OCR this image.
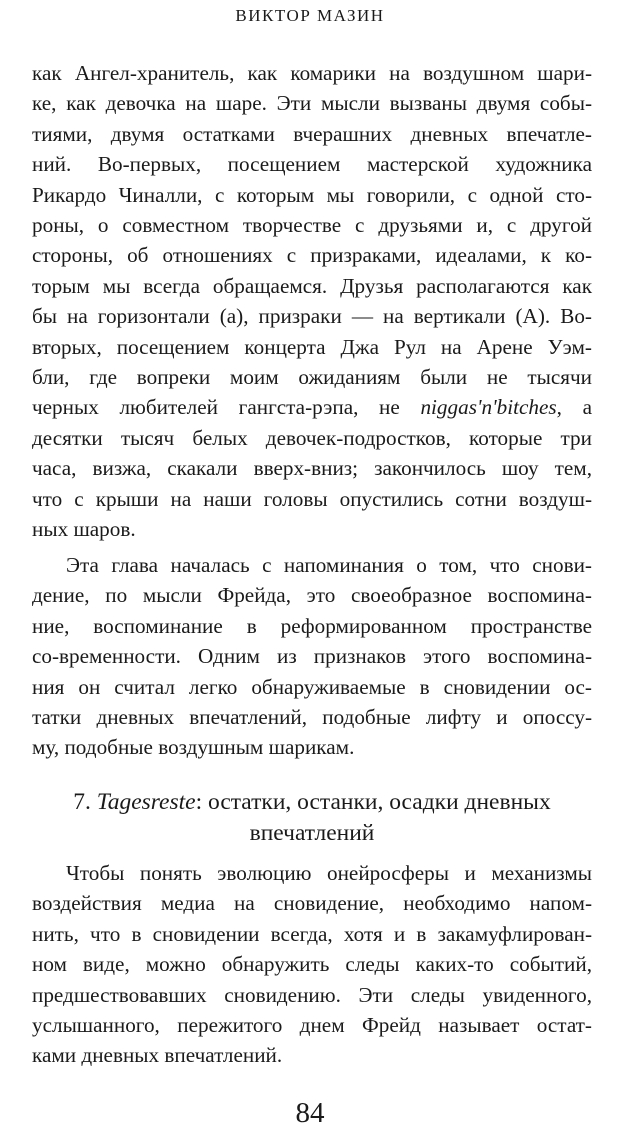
ВИКТОР МАЗИН
как Ангел-хранитель, как комарики на воздушном шари-
ке, как девочка на шаре. Эти мысли вызваны двумя собы-
тиями, двумя остатками вчерашних дневных впечатле-
ний. Во-первых, посещением мастерской художника
Рикардо Чиналли, с которым мы говорили, с одной сто-
роны, о совместном творчестве с друзьями и, с другой
стороны, об отношениях с призраками, идеалами, к ко-
торым мы всегда обращаемся. Друзья располагаются как
бы на горизонтали (а), призраки — на вертикали (А). Во-
вторых, посещением концерта Джа Рул на Арене Уэм-
бли, где вопреки моим ожиданиям были не тысячи
черных любителей гангста-рэпа, не niggas'n'bitches, а
десятки тысяч белых девочек-подростков, которые три
часа, визжа, скакали вверх-вниз; закончилось шоу тем,
что с крыши на наши головы опустились сотни воздуш-
ных шаров.
Эта глава началась с напоминания о том, что снови-
дение, по мысли Фрейда, это своеобразное воспомина-
ние, воспоминание в реформированном пространстве
со-временности. Одним из признаков этого воспомина-
ния он считал легко обнаруживаемые в сновидении ос-
татки дневных впечатлений, подобные лифту и опоссу-
му, подобные воздушным шарикам.
7. Tagesreste: остатки, останки, осадки дневных
впечатлений
Чтобы понять эволюцию онейросферы и механизмы
воздействия медиа на сновидение, необходимо напом-
нить, что в сновидении всегда, хотя и в закамуфлирован-
ном виде, можно обнаружить следы каких-то событий,
предшествовавших сновидению. Эти следы увиденного,
услышанного, пережитого днем Фрейд называет остат-
ками дневных впечатлений.
84
